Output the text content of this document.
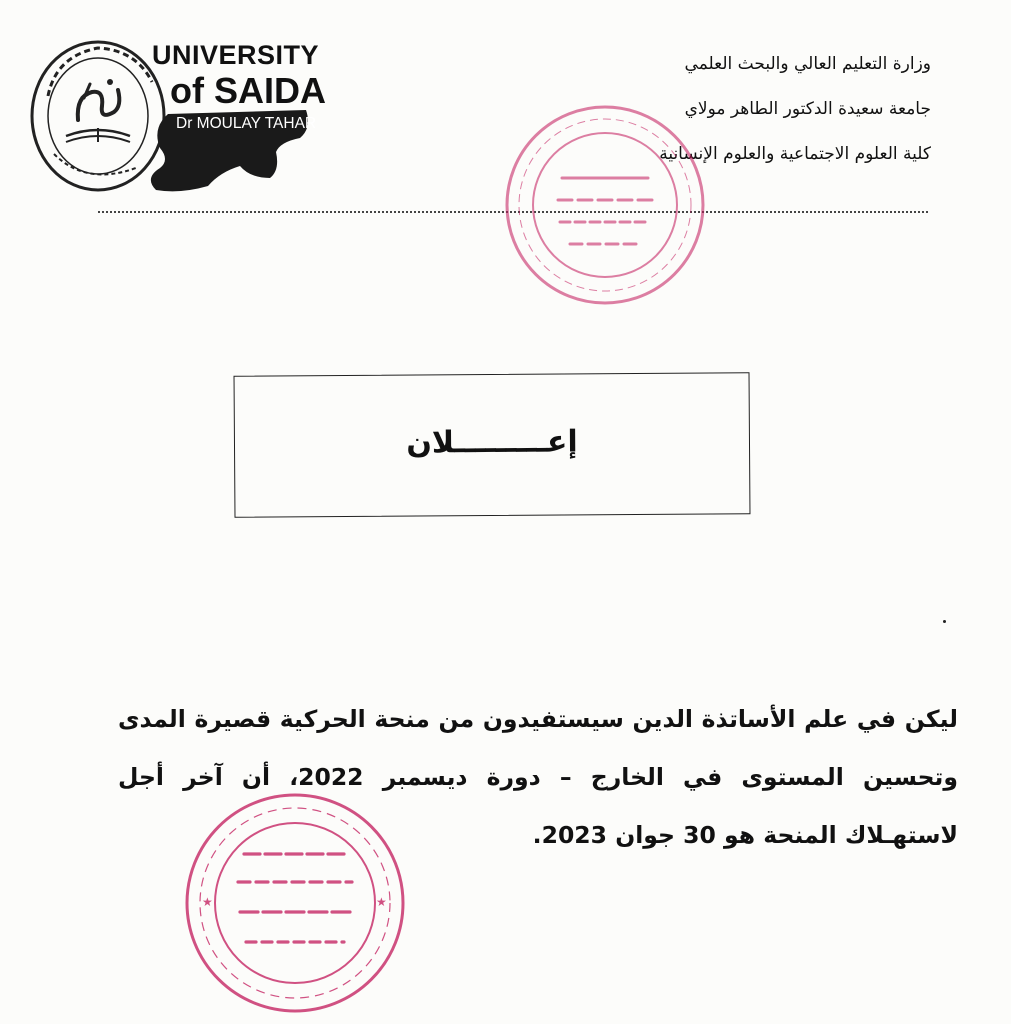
UNIVERSITY
of SAIDA
Dr MOULAY TAHAR
وزارة التعليم العالي والبحث العلمي
جامعة سعيدة الدكتور الطاهر مولاي
كلية العلوم الاجتماعية والعلوم الإنسانية
إعـــــــــلان
ليكن في علم الأساتذة الدين سيستفيدون من منحة الحركية قصيرة المدى وتحسين المستوى في الخارج – دورة ديسمبر 2022، أن آخر أجل لاستهـلاك المنحة هو 30 جوان 2023.
★	★
